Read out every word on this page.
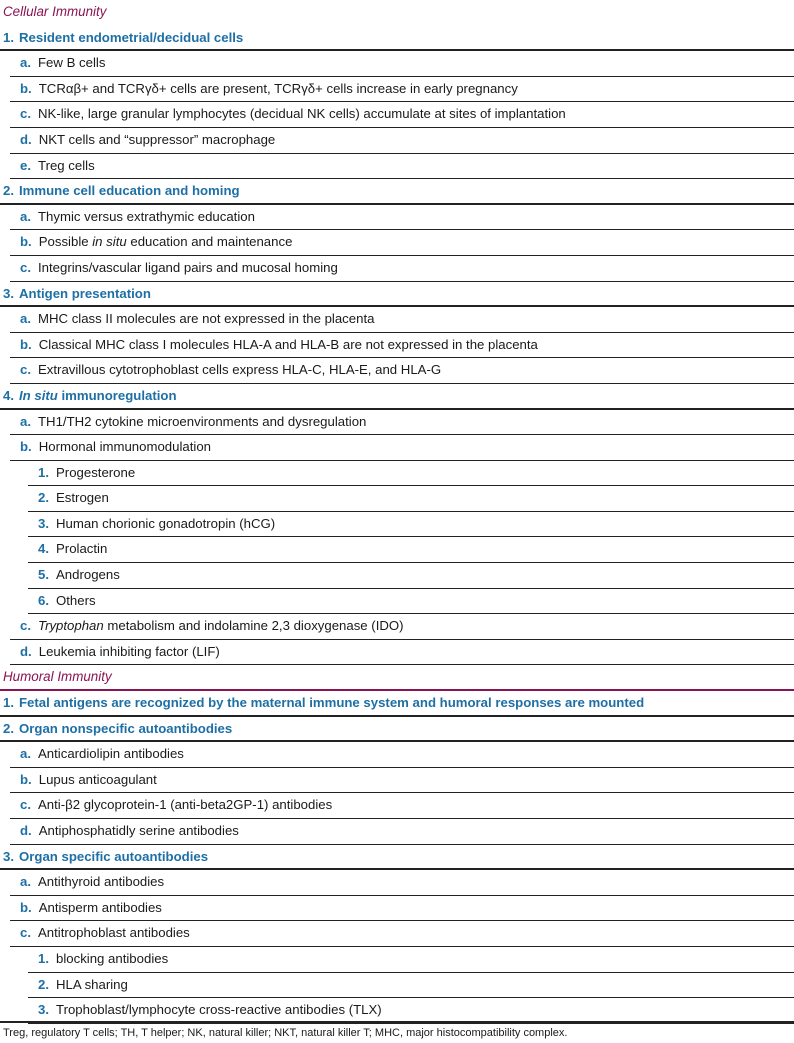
Cellular Immunity
1. Resident endometrial/decidual cells
a. Few B cells
b. TCRαβ+ and TCRγδ+ cells are present, TCRγδ+ cells increase in early pregnancy
c. NK-like, large granular lymphocytes (decidual NK cells) accumulate at sites of implantation
d. NKT cells and “suppressor” macrophage
e. Treg cells
2. Immune cell education and homing
a. Thymic versus extrathymic education
b. Possible in situ education and maintenance
c. Integrins/vascular ligand pairs and mucosal homing
3. Antigen presentation
a. MHC class II molecules are not expressed in the placenta
b. Classical MHC class I molecules HLA-A and HLA-B are not expressed in the placenta
c. Extravillous cytotrophoblast cells express HLA-C, HLA-E, and HLA-G
4. In situ immunoregulation
a. TH1/TH2 cytokine microenvironments and dysregulation
b. Hormonal immunomodulation
1. Progesterone
2. Estrogen
3. Human chorionic gonadotropin (hCG)
4. Prolactin
5. Androgens
6. Others
c. Tryptophan metabolism and indolamine 2,3 dioxygenase (IDO)
d. Leukemia inhibiting factor (LIF)
Humoral Immunity
1. Fetal antigens are recognized by the maternal immune system and humoral responses are mounted
2. Organ nonspecific autoantibodies
a. Anticardiolipin antibodies
b. Lupus anticoagulant
c. Anti-β2 glycoprotein-1 (anti-beta2GP-1) antibodies
d. Antiphosphatidly serine antibodies
3. Organ specific autoantibodies
a. Antithyroid antibodies
b. Antisperm antibodies
c. Antitrophoblast antibodies
1. blocking antibodies
2. HLA sharing
3. Trophoblast/lymphocyte cross-reactive antibodies (TLX)
Treg, regulatory T cells; TH, T helper; NK, natural killer; NKT, natural killer T; MHC, major histocompatibility complex.
